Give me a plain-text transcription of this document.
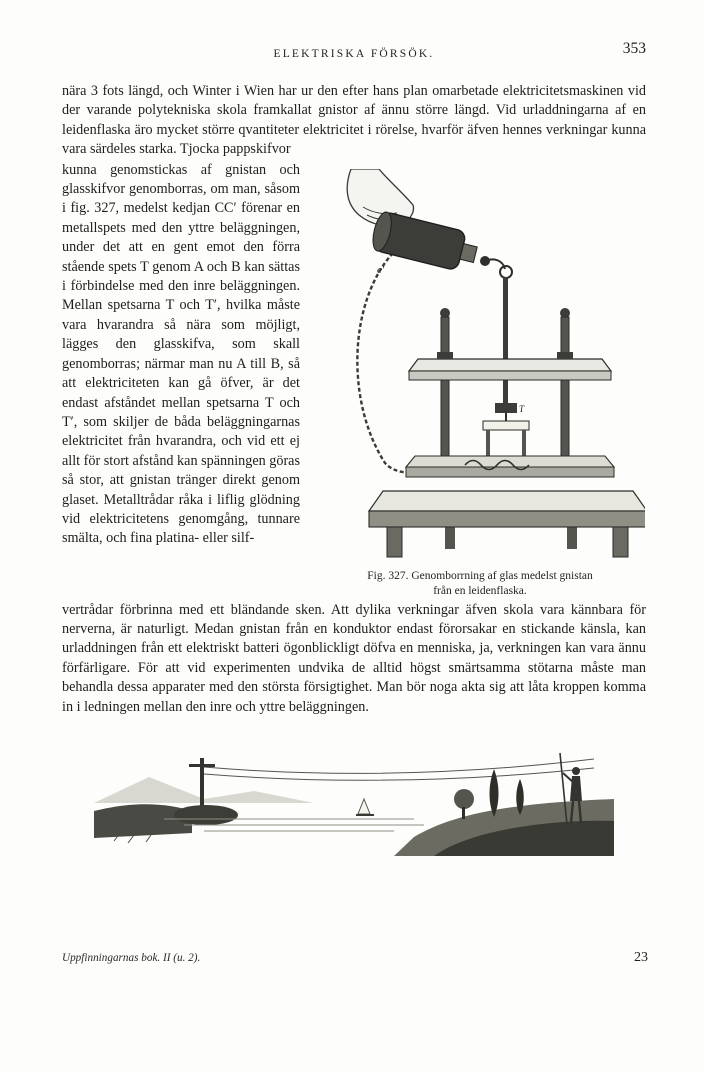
ELEKTRISKA FÖRSÖK.	353

nära 3 fots längd, och Winter i Wien har ur den efter hans plan omarbetade elektricitetsmaskinen vid der varande polytekniska skola framkallat gnistor af ännu större längd. Vid urladdningarna af en leidenflaska äro mycket större qvantiteter elektricitet i rörelse, hvarför äfven hennes verkningar kunna vara särdeles starka. Tjocka pappskifvor

kunna genomstickas af gnistan och glasskifvor genomborras, om man, såsom i fig. 327, medelst kedjan CC′ förenar en metallspets med den yttre beläggningen, under det att en gent emot den förra stående spets T genom A och B kan sättas i förbindelse med den inre beläggningen. Mellan spetsarna T och T′, hvilka måste vara hvarandra så nära som möjligt, lägges den glasskifva, som skall genomborras; närmar man nu A till B, så att elektriciteten kan gå öfver, är det endast afståndet mellan spetsarna T och T′, som skiljer de båda beläggningarnas elektricitet från hvarandra, och vid ett ej allt för stort afstånd kan spänningen göras så stor, att gnistan tränger direkt genom glaset. Metalltrådar råka i liflig glödning vid elektricitetens genomgång, tunnare smälta, och fina platina- eller silf-

c′
T
Fig. 327. Genomborrning af glas medelst gnistan
från en leidenflaska.

vertrådar förbrinna med ett bländande sken. Att dylika verkningar äfven skola vara kännbara för nerverna, är naturligt. Medan gnistan från en konduktor endast förorsakar en stickande känsla, kan urladdningen från ett elektriskt batteri ögonblickligt döfva en menniska, ja, verkningen kan vara ännu förfärligare. För att vid experimenten undvika de alltid högst smärtsamma stötarna måste man behandla dessa apparater med den största försigtighet. Man bör noga akta sig att låta kroppen komma in i ledningen mellan den inre och yttre beläggningen.

Uppfinningarnas bok. II (u. 2).	23
